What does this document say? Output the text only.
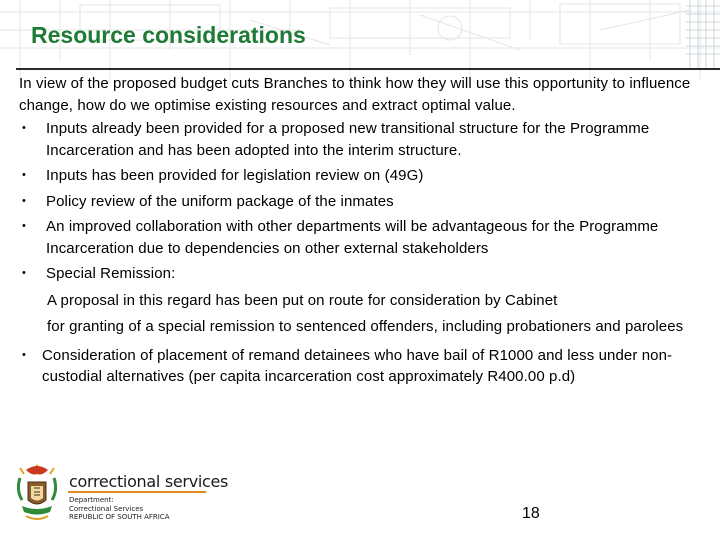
Resource considerations

In view of the proposed budget cuts Branches to think how they will use this opportunity to influence change, how do we optimise existing resources and extract optimal value.

• Inputs already been provided for a proposed new transitional structure for the Programme Incarceration and has been adopted into the interim structure.
• Inputs has been provided for legislation review on (49G)
• Policy review of the uniform package of the inmates
• An improved collaboration with other departments will be advantageous for the Programme Incarceration due to dependencies on other external stakeholders
• Special Remission:
A proposal in this regard has been put on route for consideration by Cabinet
for granting of a special remission to sentenced offenders, including probationers and parolees
• Consideration of placement of remand detainees who have bail of R1000 and less under non-custodial alternatives (per capita incarceration cost approximately R400.00 p.d)
correctional services
Department:
Correctional Services
REPUBLIC OF SOUTH AFRICA	18
